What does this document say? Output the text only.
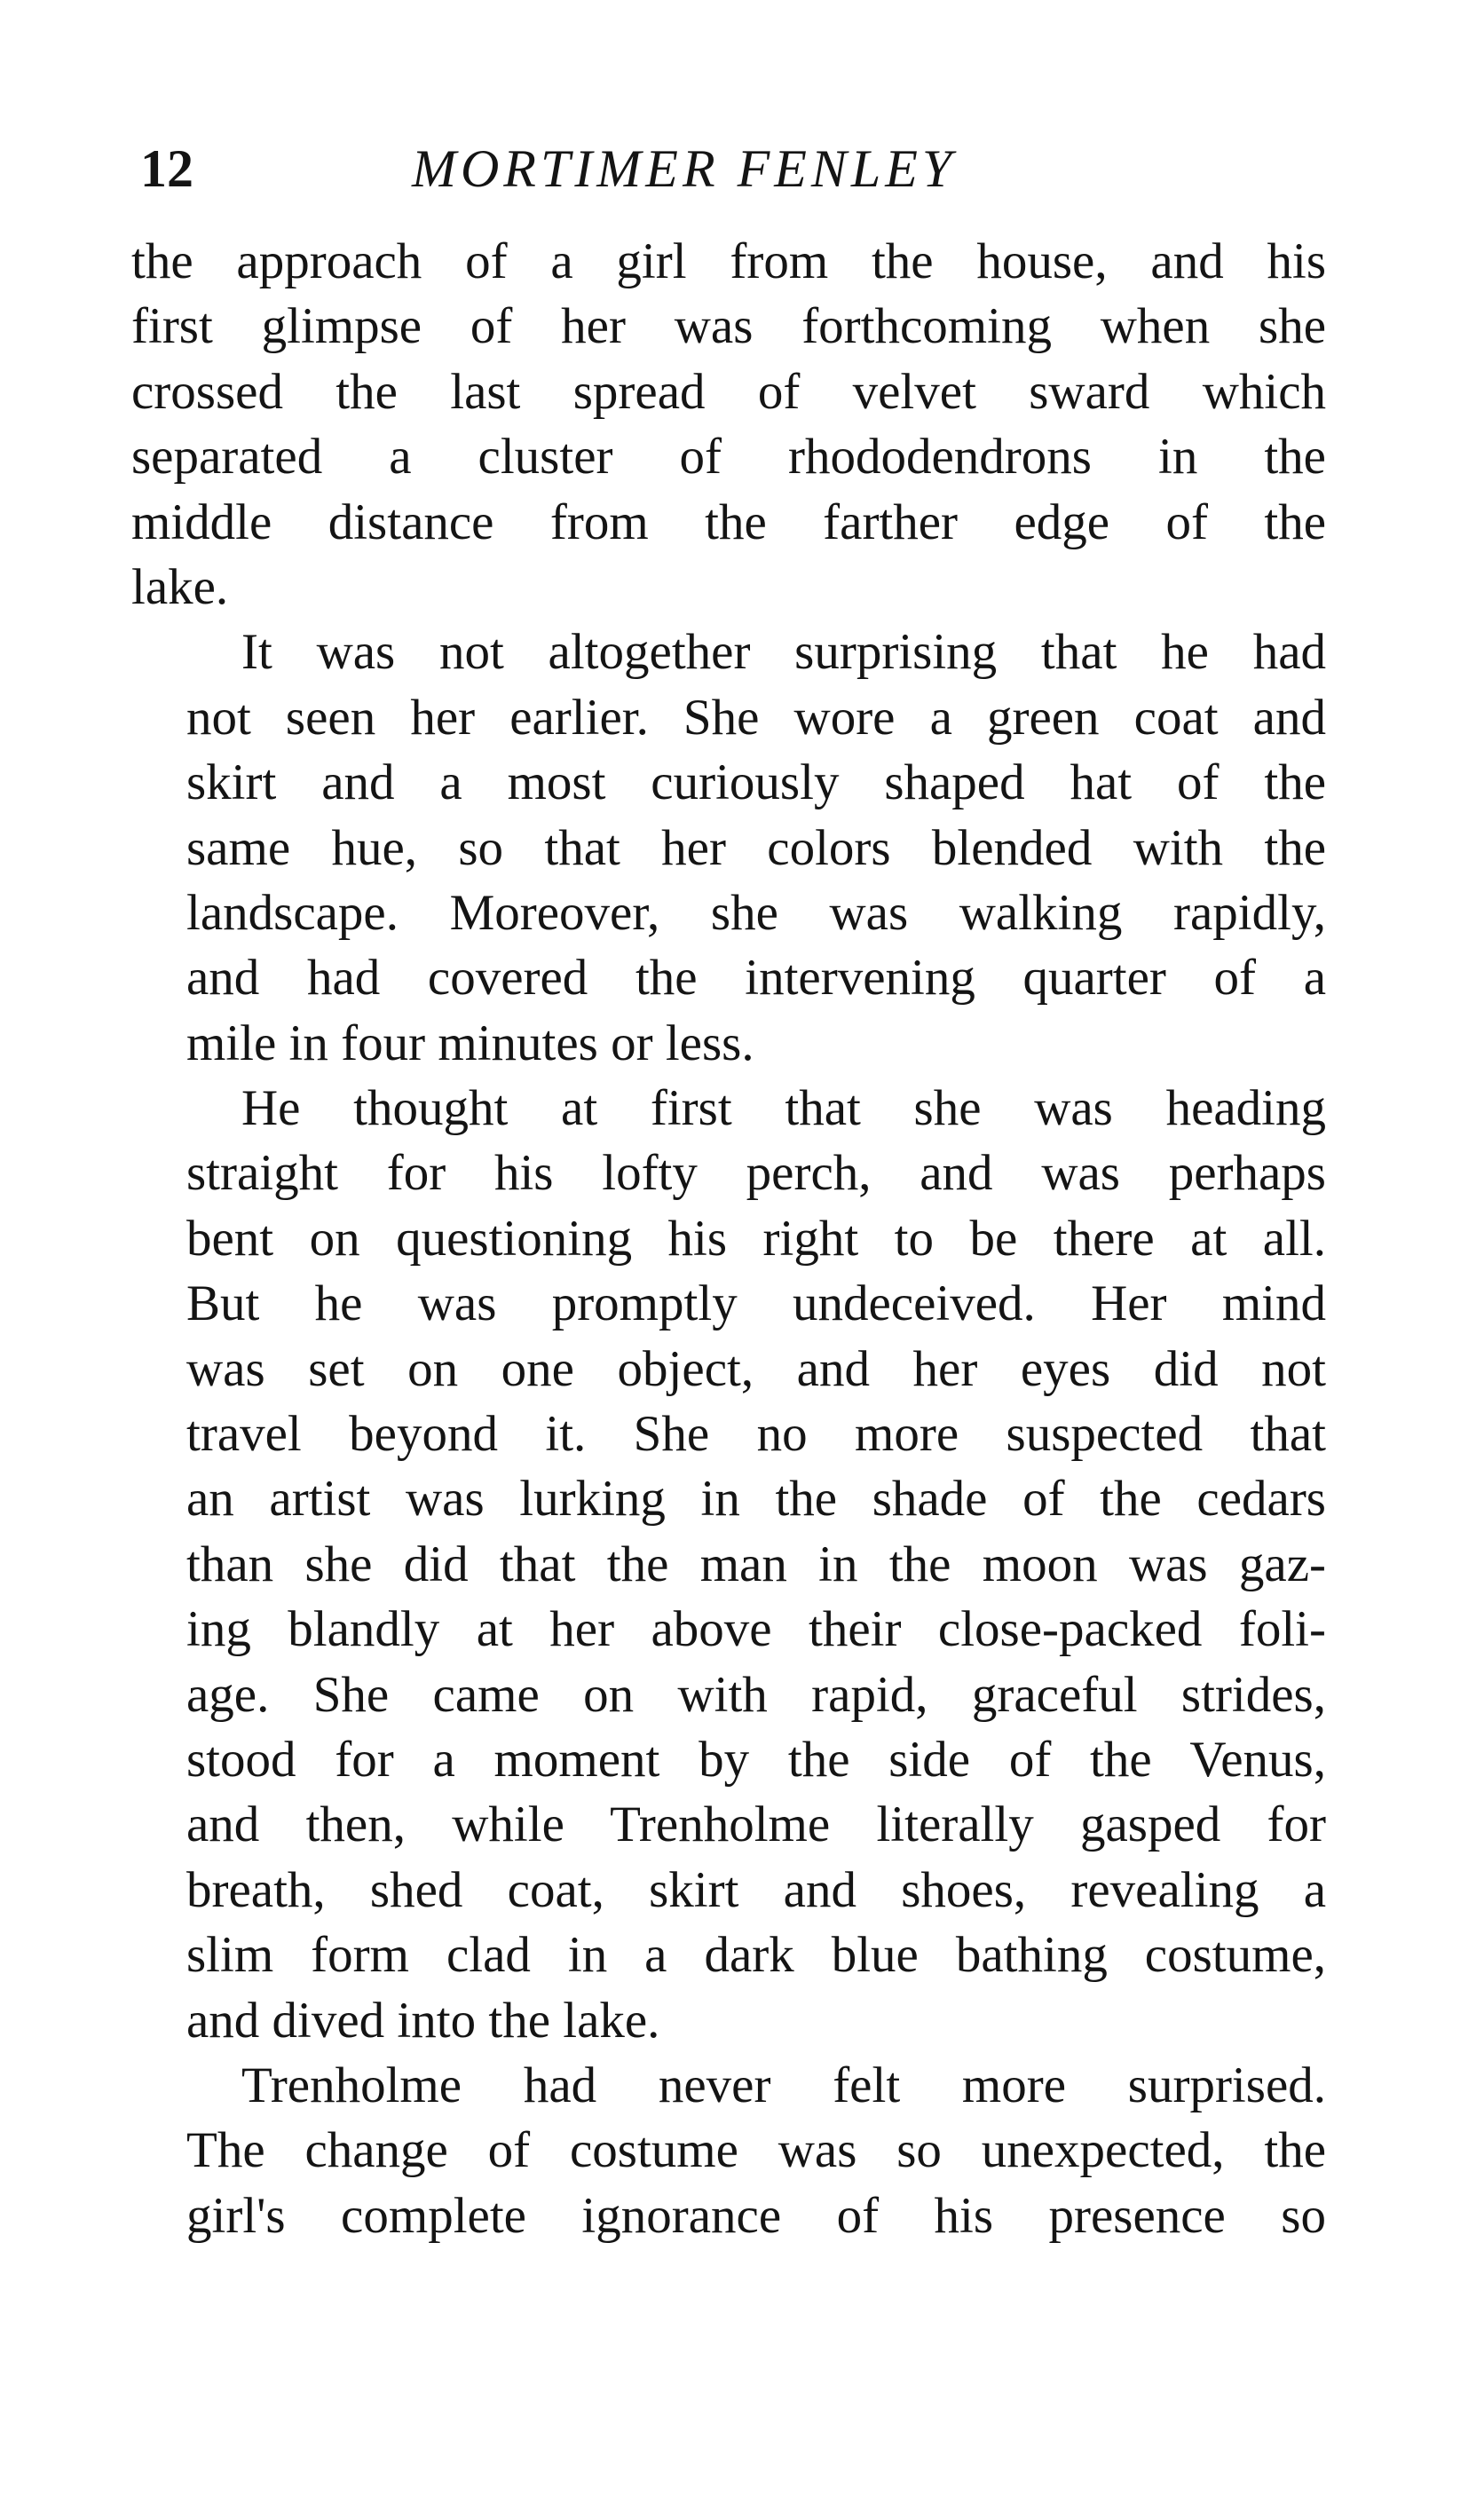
12	MORTIMER FENLEY
the approach of a girl from the house, and his
first glimpse of her was forthcoming when she
crossed the last spread of velvet sward which
separated a cluster of rhododendrons in the
middle distance from the farther edge of the
lake.
It was not altogether surprising that he had
not seen her earlier. She wore a green coat and
skirt and a most curiously shaped hat of the
same hue, so that her colors blended with the
landscape. Moreover, she was walking rapidly,
and had covered the intervening quarter of a
mile in four minutes or less.
He thought at first that she was heading
straight for his lofty perch, and was perhaps
bent on questioning his right to be there at all.
But he was promptly undeceived. Her mind
was set on one object, and her eyes did not
travel beyond it. She no more suspected that
an artist was lurking in the shade of the cedars
than she did that the man in the moon was gaz-
ing blandly at her above their close-packed foli-
age. She came on with rapid, graceful strides,
stood for a moment by the side of the Venus,
and then, while Trenholme literally gasped for
breath, shed coat, skirt and shoes, revealing a
slim form clad in a dark blue bathing costume,
and dived into the lake.
Trenholme had never felt more surprised.
The change of costume was so unexpected, the
girl's complete ignorance of his presence so
